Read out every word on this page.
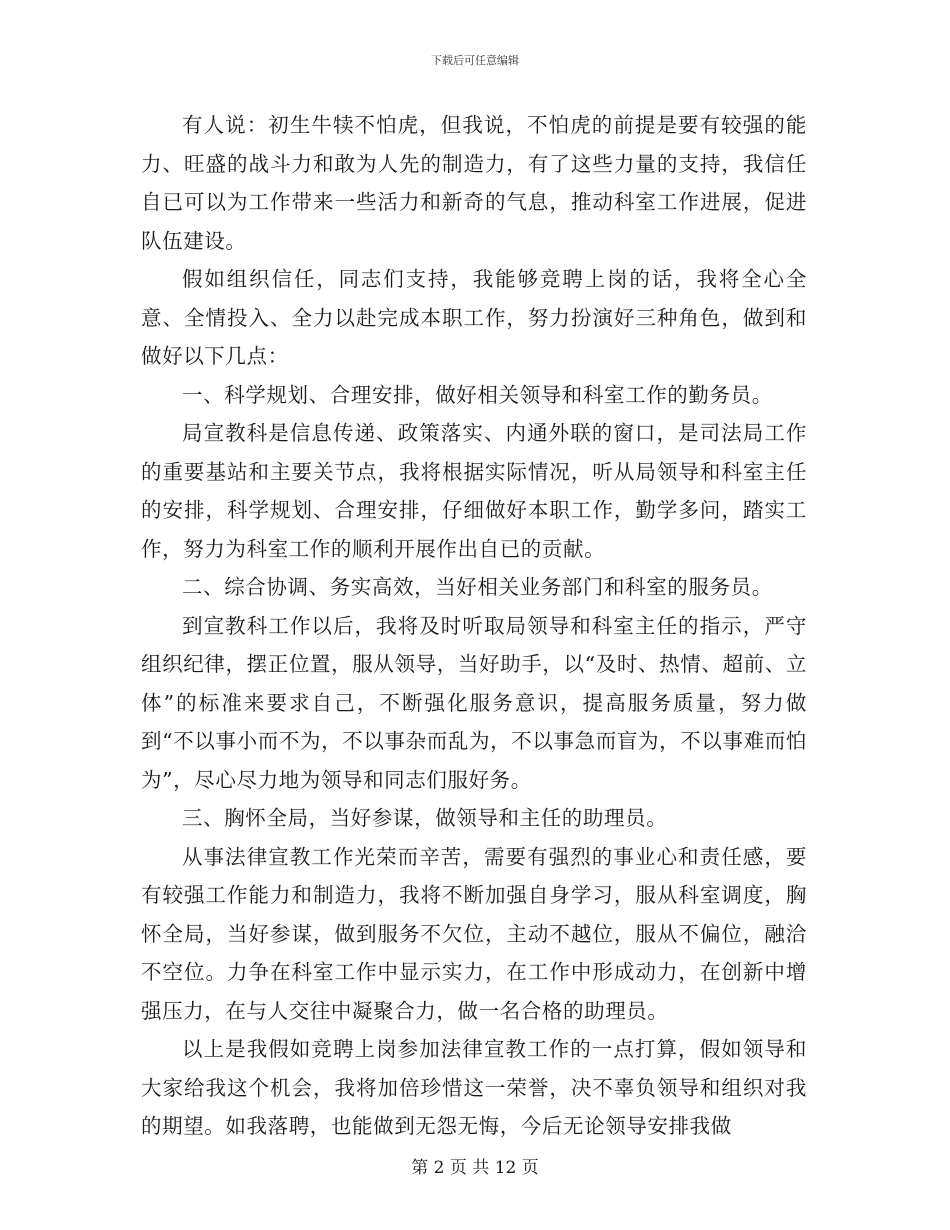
下载后可任意编辑

有人说：初生牛犊不怕虎，但我说，不怕虎的前提是要有较强的能力、旺盛的战斗力和敢为人先的制造力，有了这些力量的支持，我信任自已可以为工作带来一些活力和新奇的气息，推动科室工作进展，促进队伍建设。

假如组织信任，同志们支持，我能够竞聘上岗的话，我将全心全意、全情投入、全力以赴完成本职工作，努力扮演好三种角色，做到和做好以下几点：

一、科学规划、合理安排，做好相关领导和科室工作的勤务员。

局宣教科是信息传递、政策落实、内通外联的窗口，是司法局工作的重要基站和主要关节点，我将根据实际情况，听从局领导和科室主任的安排，科学规划、合理安排，仔细做好本职工作，勤学多问，踏实工作，努力为科室工作的顺利开展作出自已的贡献。

二、综合协调、务实高效，当好相关业务部门和科室的服务员。

到宣教科工作以后，我将及时听取局领导和科室主任的指示，严守组织纪律，摆正位置，服从领导，当好助手，以“及时、热情、超前、立体”的标准来要求自己，不断强化服务意识，提高服务质量，努力做到“不以事小而不为，不以事杂而乱为，不以事急而盲为，不以事难而怕为”，尽心尽力地为领导和同志们服好务。

三、胸怀全局，当好参谋，做领导和主任的助理员。

从事法律宣教工作光荣而辛苦，需要有强烈的事业心和责任感，要有较强工作能力和制造力，我将不断加强自身学习，服从科室调度，胸怀全局，当好参谋，做到服务不欠位，主动不越位，服从不偏位，融洽不空位。力争在科室工作中显示实力，在工作中形成动力，在创新中增强压力，在与人交往中凝聚合力，做一名合格的助理员。

以上是我假如竞聘上岗参加法律宣教工作的一点打算，假如领导和大家给我这个机会，我将加倍珍惜这一荣誉，决不辜负领导和组织对我的期望。如我落聘，也能做到无怨无悔，今后无论领导安排我做

第 2 页 共 12 页
